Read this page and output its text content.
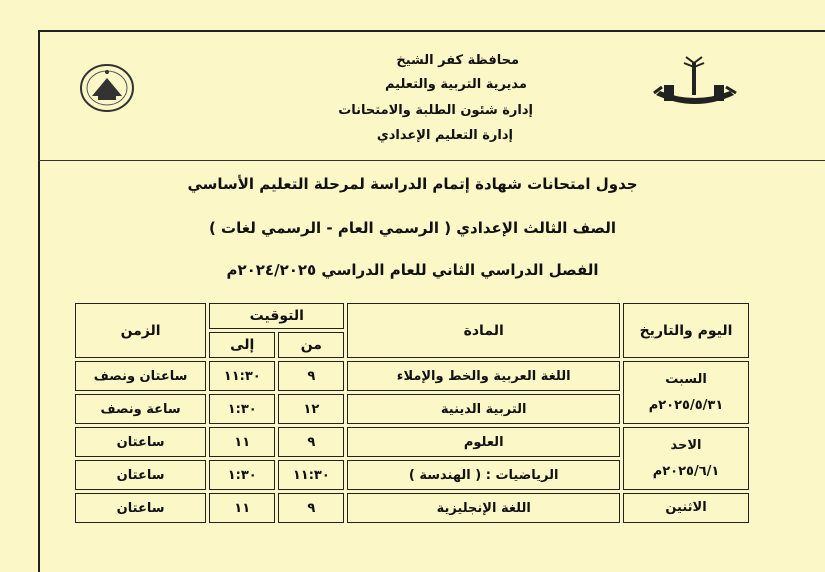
محافظة كفر الشيخ
مديرية التربية والتعليم
إدارة شئون الطلبة والامتحانات
إدارة التعليم الإعدادي
جدول امتحانات شهادة إتمام الدراسة لمرحلة التعليم الأساسي
الصف الثالث الإعدادي ( الرسمي العام - الرسمي لغات )
الفصل الدراسي الثاني للعام الدراسي ٢٠٢٤/٢٠٢٥م
اليوم والتاريخ	المادة	التوقيت		الزمن
		من	إلى	

السبت
٢٠٢٥/٥/٣١م	اللغة العربية والخط والإملاء	٩	١١:٣٠	ساعتان ونصف
	التربية الدينية	١٢	١:٣٠	ساعة ونصف

الاحد
٢٠٢٥/٦/١م	العلوم	٩	١١	ساعتان
	الرياضيات : ( الهندسة )	١١:٣٠	١:٣٠	ساعتان

الاثنين	اللغة الإنجليزية	٩	١١	ساعتان
